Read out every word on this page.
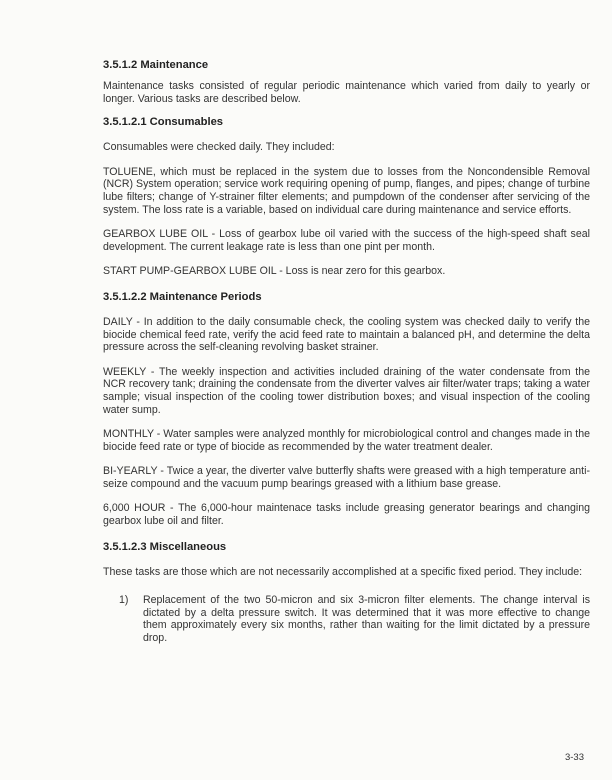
3.5.1.2 Maintenance

Maintenance tasks consisted of regular periodic maintenance which varied from daily to yearly or longer. Various tasks are described below.

3.5.1.2.1 Consumables

Consumables were checked daily. They included:

TOLUENE, which must be replaced in the system due to losses from the Noncondensible Removal (NCR) System operation; service work requiring opening of pump, flanges, and pipes; change of turbine lube filters; change of Y-strainer filter elements; and pumpdown of the condenser after servicing of the system. The loss rate is a variable, based on individual care during maintenance and service efforts.

GEARBOX LUBE OIL - Loss of gearbox lube oil varied with the success of the high-speed shaft seal development. The current leakage rate is less than one pint per month.

START PUMP-GEARBOX LUBE OIL - Loss is near zero for this gearbox.

3.5.1.2.2 Maintenance Periods

DAILY - In addition to the daily consumable check, the cooling system was checked daily to verify the biocide chemical feed rate, verify the acid feed rate to maintain a balanced pH, and determine the delta pressure across the self-cleaning revolving basket strainer.

WEEKLY - The weekly inspection and activities included draining of the water condensate from the NCR recovery tank; draining the condensate from the diverter valves air filter/water traps; taking a water sample; visual inspection of the cooling tower distribution boxes; and visual inspection of the cooling water sump.

MONTHLY - Water samples were analyzed monthly for microbiological control and changes made in the biocide feed rate or type of biocide as recommended by the water treatment dealer.

BI-YEARLY - Twice a year, the diverter valve butterfly shafts were greased with a high temperature anti-seize compound and the vacuum pump bearings greased with a lithium base grease.

6,000 HOUR - The 6,000-hour maintenace tasks include greasing generator bearings and changing gearbox lube oil and filter.

3.5.1.2.3 Miscellaneous

These tasks are those which are not necessarily accomplished at a specific fixed period. They include:

1)	Replacement of the two 50-micron and six 3-micron filter elements. The change interval is dictated by a delta pressure switch. It was determined that it was more effective to change them approximately every six months, rather than waiting for the limit dictated by a pressure drop.

3-33
